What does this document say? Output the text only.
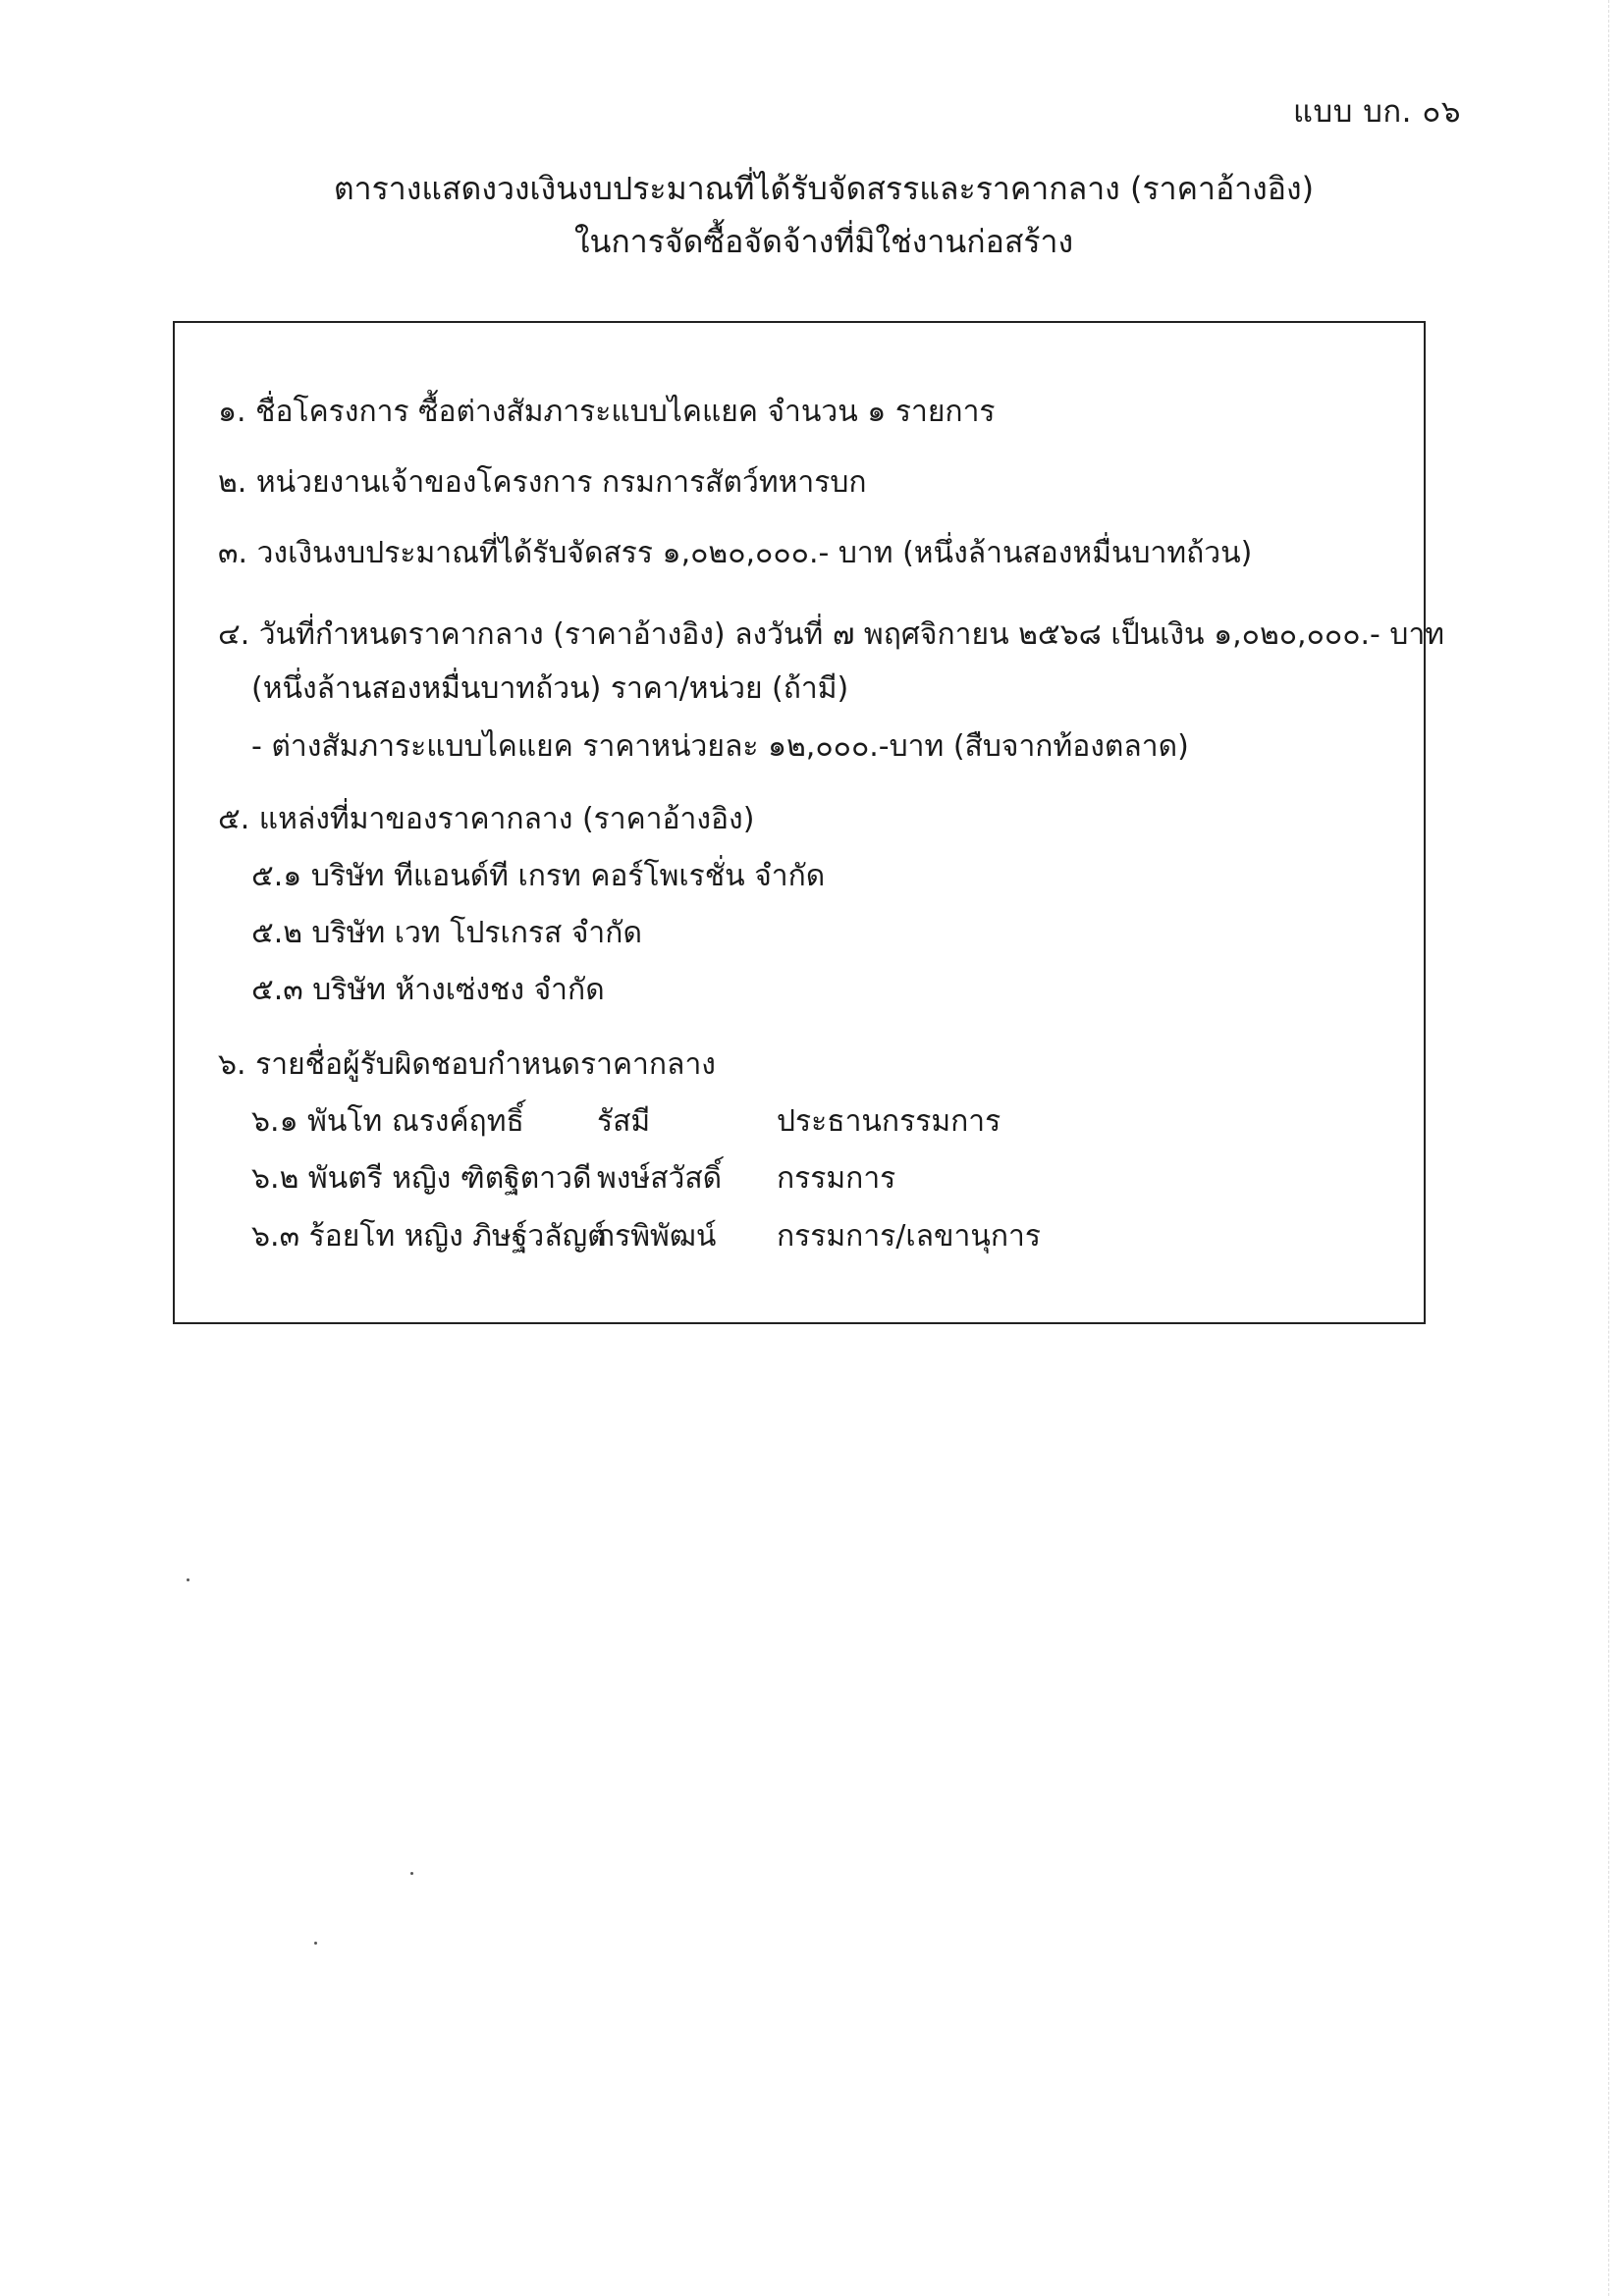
แบบ บก. ๐๖
ตารางแสดงวงเงินงบประมาณที่ได้รับจัดสรรและราคากลาง (ราคาอ้างอิง)
ในการจัดซื้อจัดจ้างที่มิใช่งานก่อสร้าง
๑. ชื่อโครงการ ซื้อต่างสัมภาระแบบไคแยค จำนวน ๑ รายการ
๒. หน่วยงานเจ้าของโครงการ กรมการสัตว์ทหารบก
๓. วงเงินงบประมาณที่ได้รับจัดสรร ๑,๐๒๐,๐๐๐.- บาท (หนึ่งล้านสองหมื่นบาทถ้วน)
๔. วันที่กำหนดราคากลาง (ราคาอ้างอิง) ลงวันที่ ๗ พฤศจิกายน ๒๕๖๘ เป็นเงิน ๑,๐๒๐,๐๐๐.- บาท
(หนึ่งล้านสองหมื่นบาทถ้วน) ราคา/หน่วย (ถ้ามี)
- ต่างสัมภาระแบบไคแยค ราคาหน่วยละ ๑๒,๐๐๐.-บาท (สืบจากท้องตลาด)
๕. แหล่งที่มาของราคากลาง (ราคาอ้างอิง)
๕.๑ บริษัท ทีแอนด์ที เกรท คอร์โพเรชั่น จำกัด
๕.๒ บริษัท เวท โปรเกรส จำกัด
๕.๓ บริษัท ห้างเซ่งชง จำกัด
๖. รายชื่อผู้รับผิดชอบกำหนดราคากลาง
๖.๑ พันโท ณรงค์ฤทธิ์ รัสมี	ประธานกรรมการ
๖.๒ พันตรี หญิง ฑิตฐิตาวดี พงษ์สวัสดิ์ กรรมการ
๖.๓ ร้อยโท หญิง ภิษฐ์วลัญต์
กรพิพัฒน์ กรรมการ/เลขานุการ
